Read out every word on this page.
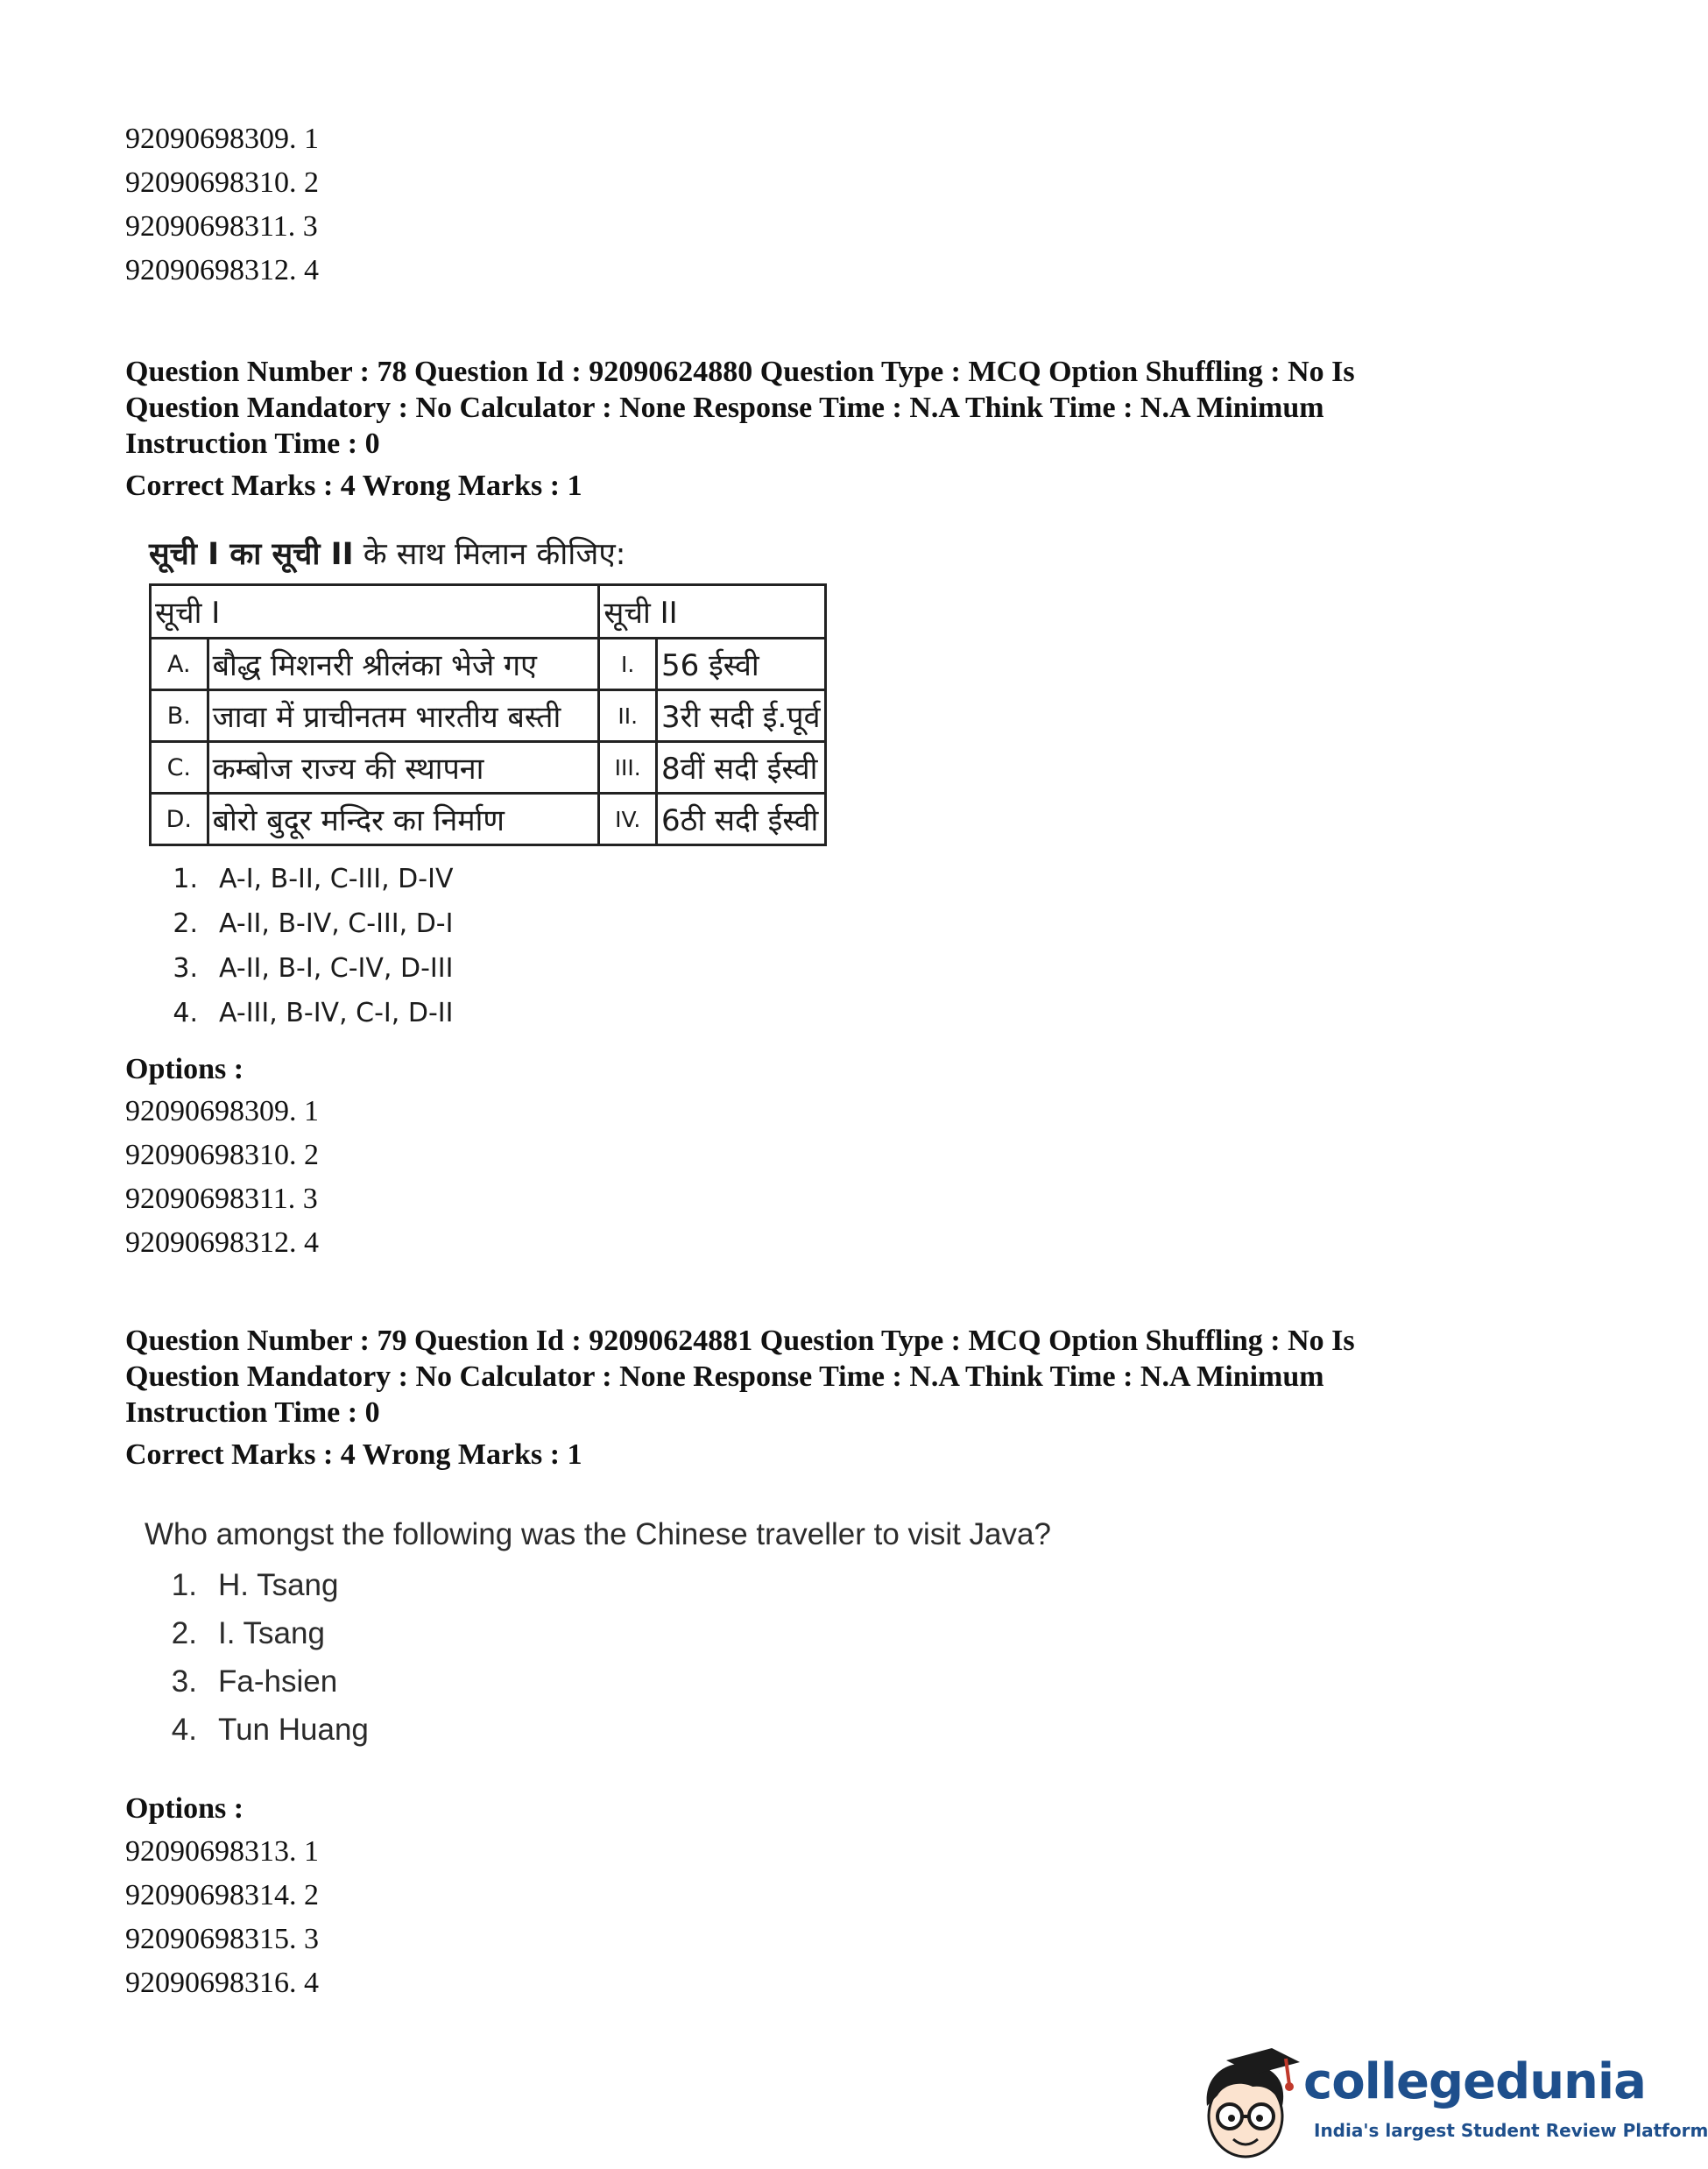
92090698309. 1
92090698310. 2
92090698311. 3
92090698312. 4
Question Number : 78 Question Id : 92090624880 Question Type : MCQ Option Shuffling : No Is
Question Mandatory : No Calculator : None Response Time : N.A Think Time : N.A Minimum
Instruction Time : 0
Correct Marks : 4 Wrong Marks : 1
सूची I का सूची II के साथ मिलान कीजिए:
सूची I		सूची II	
A.	बौद्ध मिशनरी श्रीलंका भेजे गए	I.	56 ईस्वी
B.	जावा में प्राचीनतम भारतीय बस्ती	II.	3री सदी ई.पूर्व
C.	कम्बोज राज्य की स्थापना	III.	8वीं सदी ईस्वी
D.	बोरो बुदूर मन्दिर का निर्माण	IV.	6ठी सदी ईस्वी
1. A-I, B-II, C-III, D-IV
2. A-II, B-IV, C-III, D-I
3. A-II, B-I, C-IV, D-III
4. A-III, B-IV, C-I, D-II
Options :
92090698309. 1
92090698310. 2
92090698311. 3
92090698312. 4
Question Number : 79 Question Id : 92090624881 Question Type : MCQ Option Shuffling : No Is
Question Mandatory : No Calculator : None Response Time : N.A Think Time : N.A Minimum
Instruction Time : 0
Correct Marks : 4 Wrong Marks : 1
Who amongst the following was the Chinese traveller to visit Java?
1. H. Tsang
2. I. Tsang
3. Fa-hsien
4. Tun Huang
Options :
92090698313. 1
92090698314. 2
92090698315. 3
92090698316. 4
collegedunia
India's largest Student Review Platform
